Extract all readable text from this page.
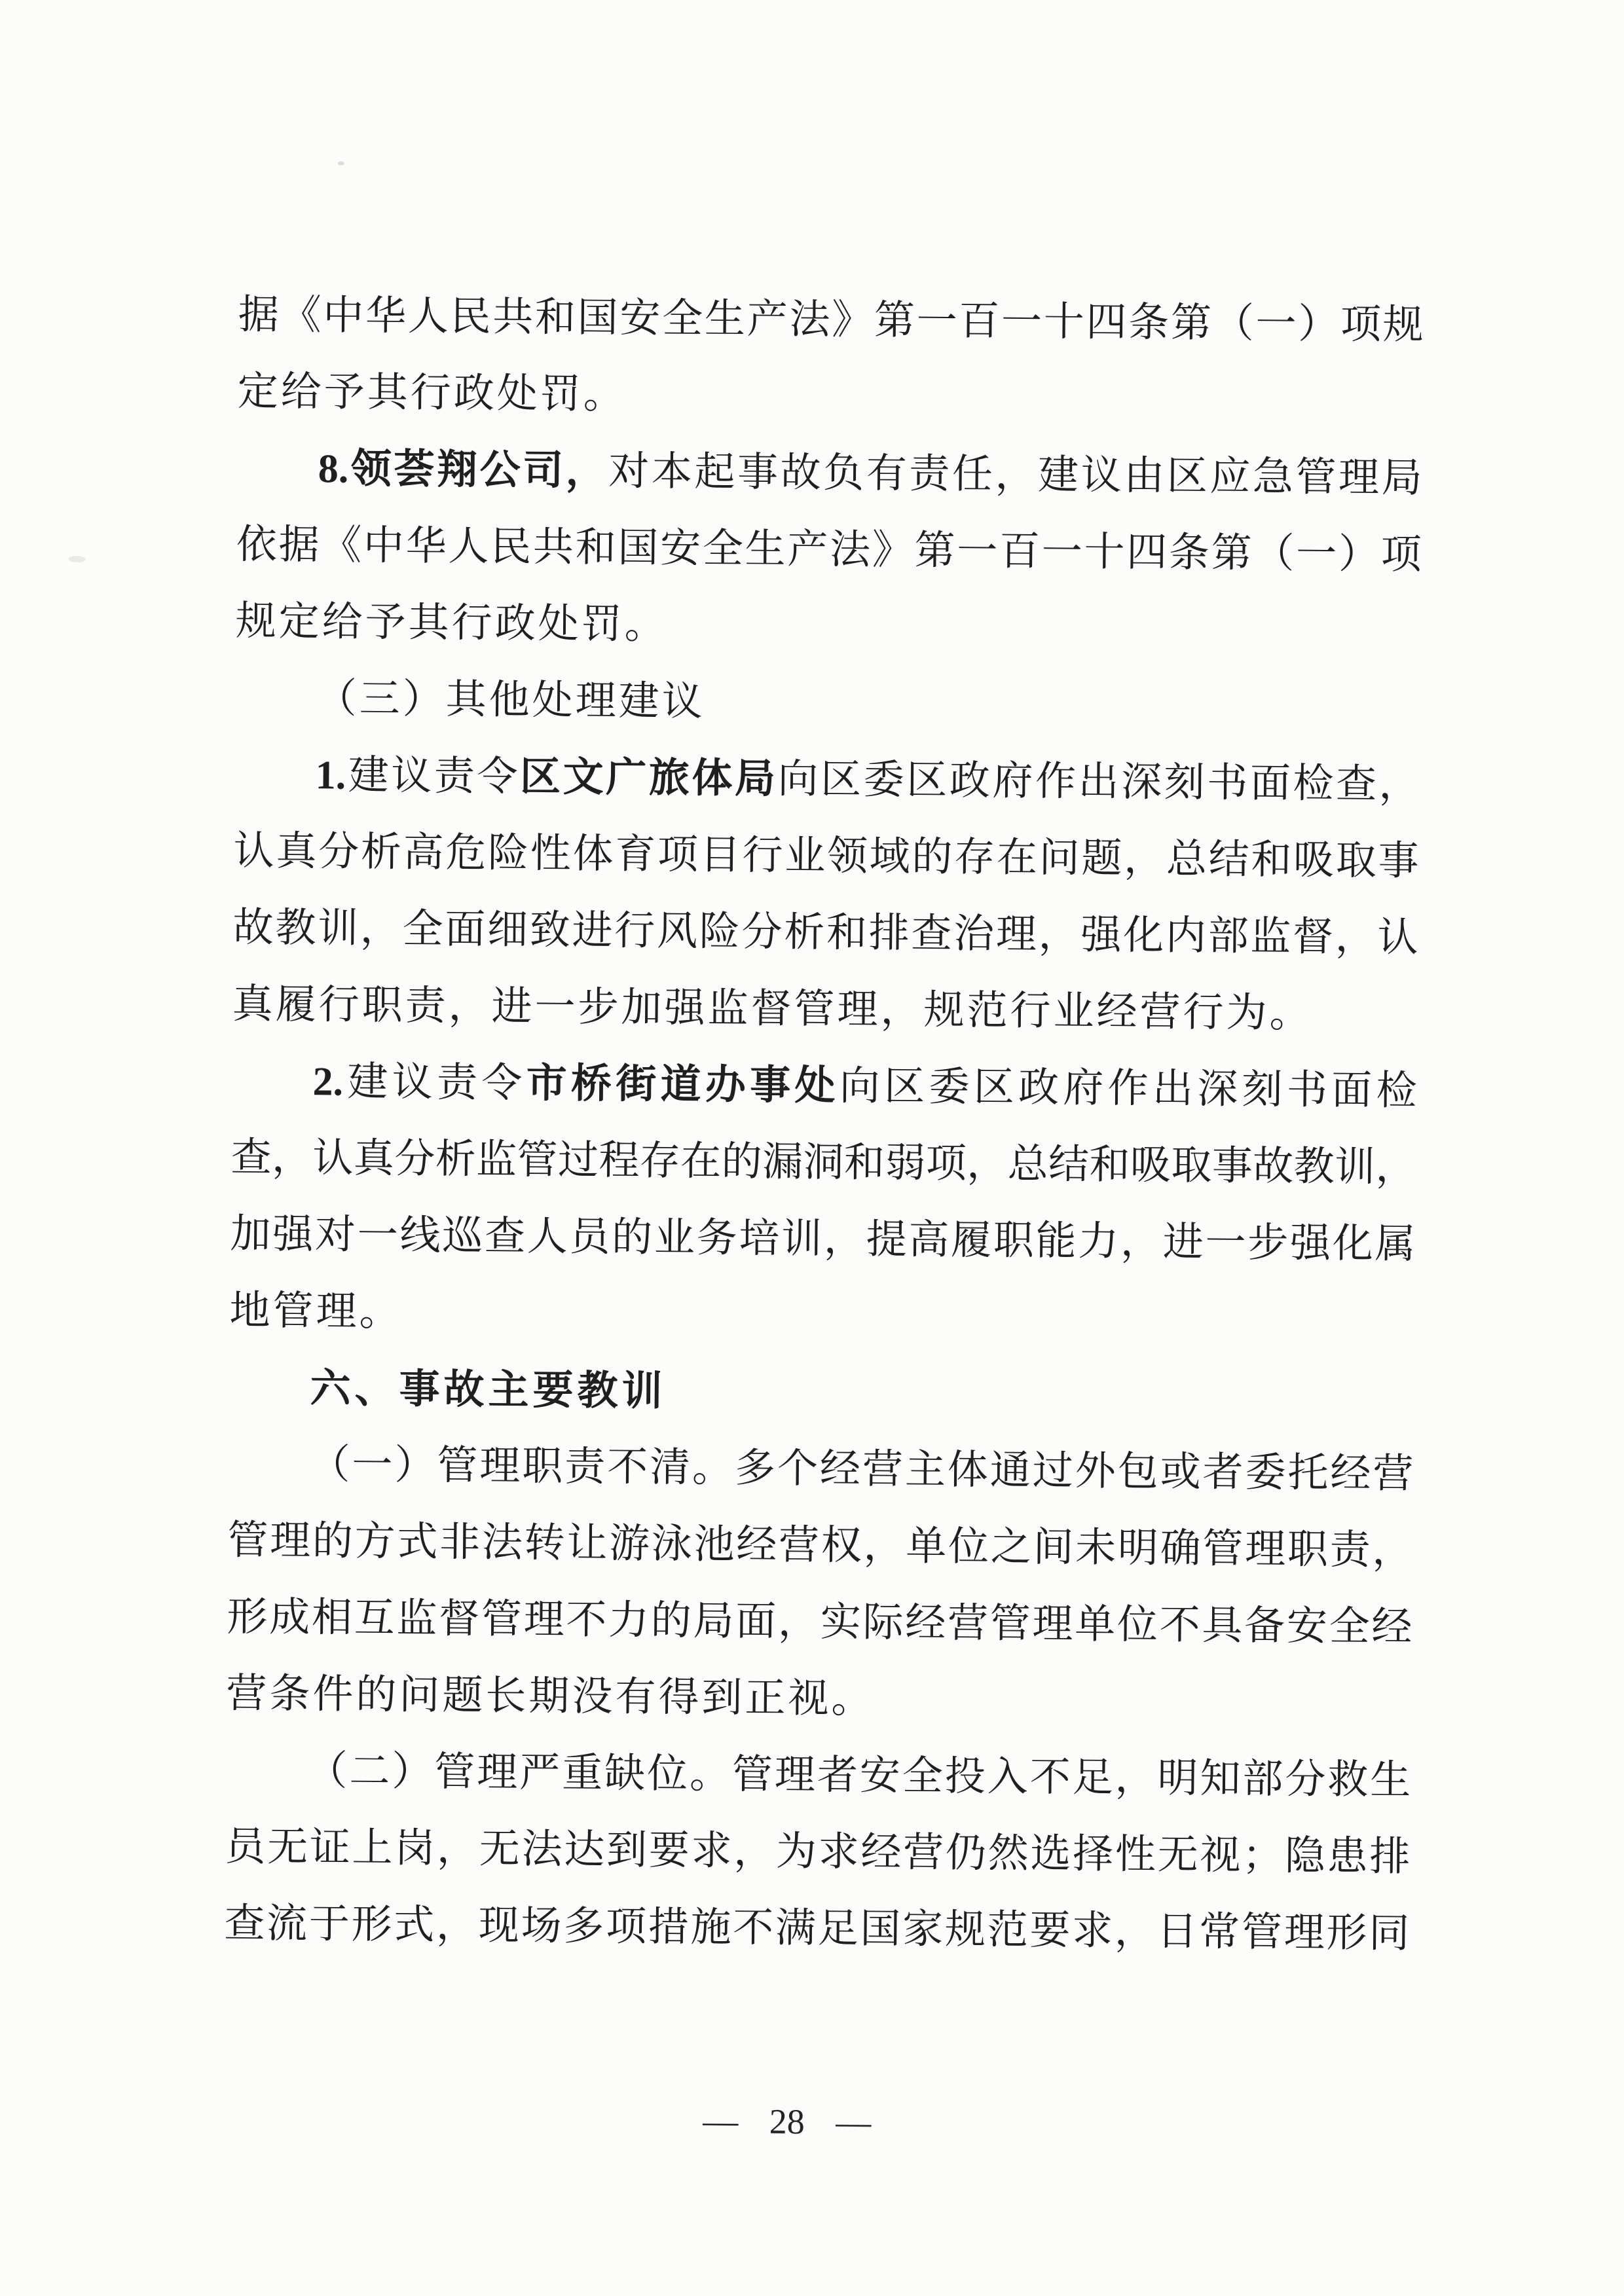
据《中华人民共和国安全生产法》第一百一十四条第（一）项规
定给予其行政处罚。
8.领荟翔公司，对本起事故负有责任，建议由区应急管理局
依据《中华人民共和国安全生产法》第一百一十四条第（一）项
规定给予其行政处罚。
（三）其他处理建议
1.建议责令区文广旅体局向区委区政府作出深刻书面检查，
认真分析高危险性体育项目行业领域的存在问题，总结和吸取事
故教训，全面细致进行风险分析和排查治理，强化内部监督，认
真履行职责，进一步加强监督管理，规范行业经营行为。
2.建议责令市桥街道办事处向区委区政府作出深刻书面检
查，认真分析监管过程存在的漏洞和弱项，总结和吸取事故教训，
加强对一线巡查人员的业务培训，提高履职能力，进一步强化属
地管理。
六、事故主要教训
（一）管理职责不清。多个经营主体通过外包或者委托经营
管理的方式非法转让游泳池经营权，单位之间未明确管理职责，
形成相互监督管理不力的局面，实际经营管理单位不具备安全经
营条件的问题长期没有得到正视。
（二）管理严重缺位。管理者安全投入不足，明知部分救生
员无证上岗，无法达到要求，为求经营仍然选择性无视；隐患排
查流于形式，现场多项措施不满足国家规范要求，日常管理形同
— 28 —
